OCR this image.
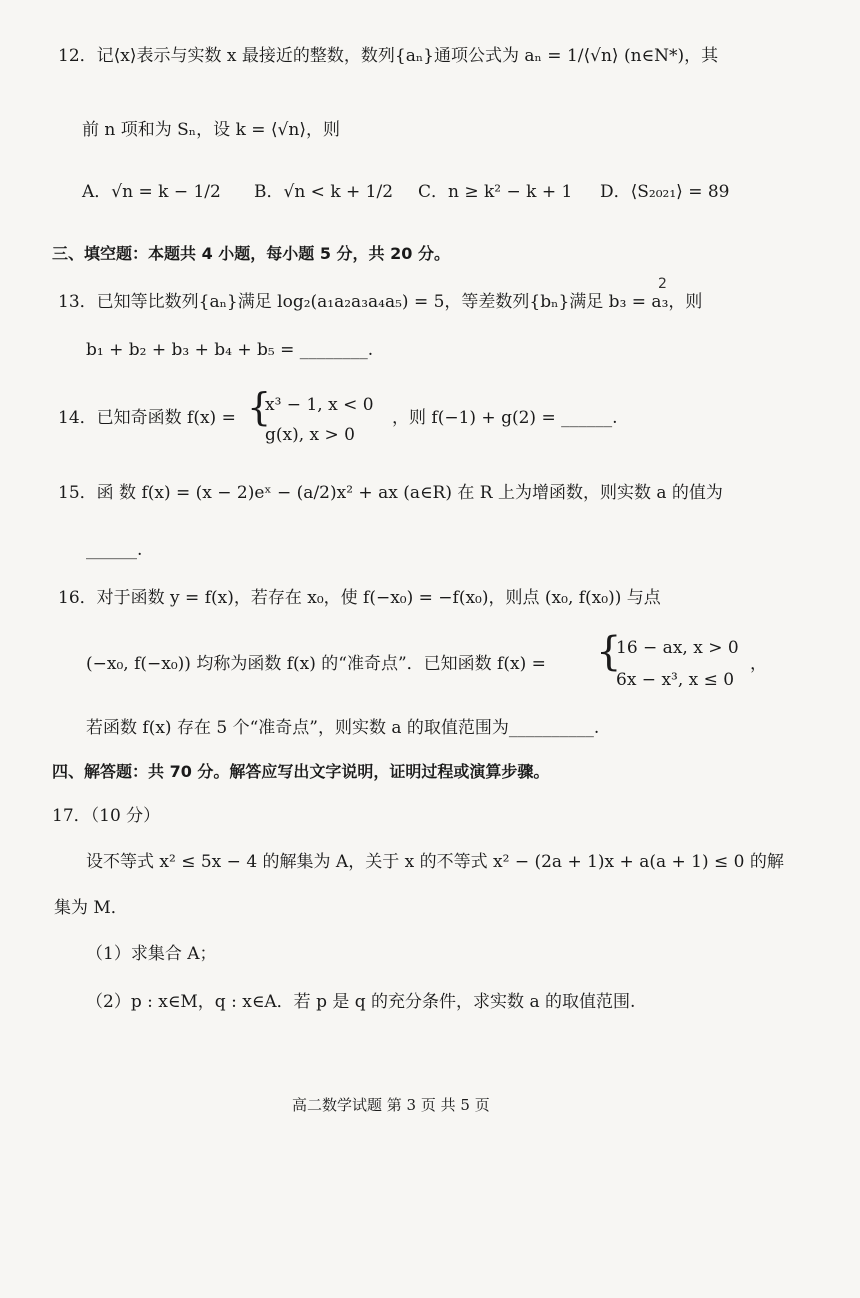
12．记⟨x⟩表示与实数 x 最接近的整数，数列{aₙ}通项公式为 aₙ = 1/⟨√n⟩ (n∈N*)，其
前 n 项和为 Sₙ，设 k = ⟨√n⟩，则
A．√n = k − 1/2 B．√n < k + 1/2 C．n ≥ k² − k + 1 D．⟨S₂₀₂₁⟩ = 89
三、填空题：本题共 4 小题，每小题 5 分，共 20 分。
2
13．已知等比数列{aₙ}满足 log₂(a₁a₂a₃a₄a₅) = 5，等差数列{bₙ}满足 b₃ = a₃，则
b₁ + b₂ + b₃ + b₄ + b₅ = ________.
14．已知奇函数 f(x) = {
x³ − 1, x < 0
g(x), x > 0
，则 f(−1) + g(2) = ______.
15．函 数 f(x) = (x − 2)eˣ − (a/2)x² + ax (a∈R) 在 R 上为增函数，则实数 a 的值为
______.
16．对于函数 y = f(x)，若存在 x₀，使 f(−x₀) = −f(x₀)，则点 (x₀, f(x₀)) 与点
(−x₀, f(−x₀)) 均称为函数 f(x) 的“准奇点”．已知函数 f(x) = {
16 − ax, x > 0
6x − x³, x ≤ 0
，
若函数 f(x) 存在 5 个“准奇点”，则实数 a 的取值范围为__________.
四、解答题：共 70 分。解答应写出文字说明，证明过程或演算步骤。
17．（10 分）
设不等式 x² ≤ 5x − 4 的解集为 A，关于 x 的不等式 x² − (2a + 1)x + a(a + 1) ≤ 0 的解
集为 M．
（1）求集合 A；
（2）p : x∈M，q : x∈A．若 p 是 q 的充分条件，求实数 a 的取值范围.
高二数学试题 第 3 页 共 5 页
